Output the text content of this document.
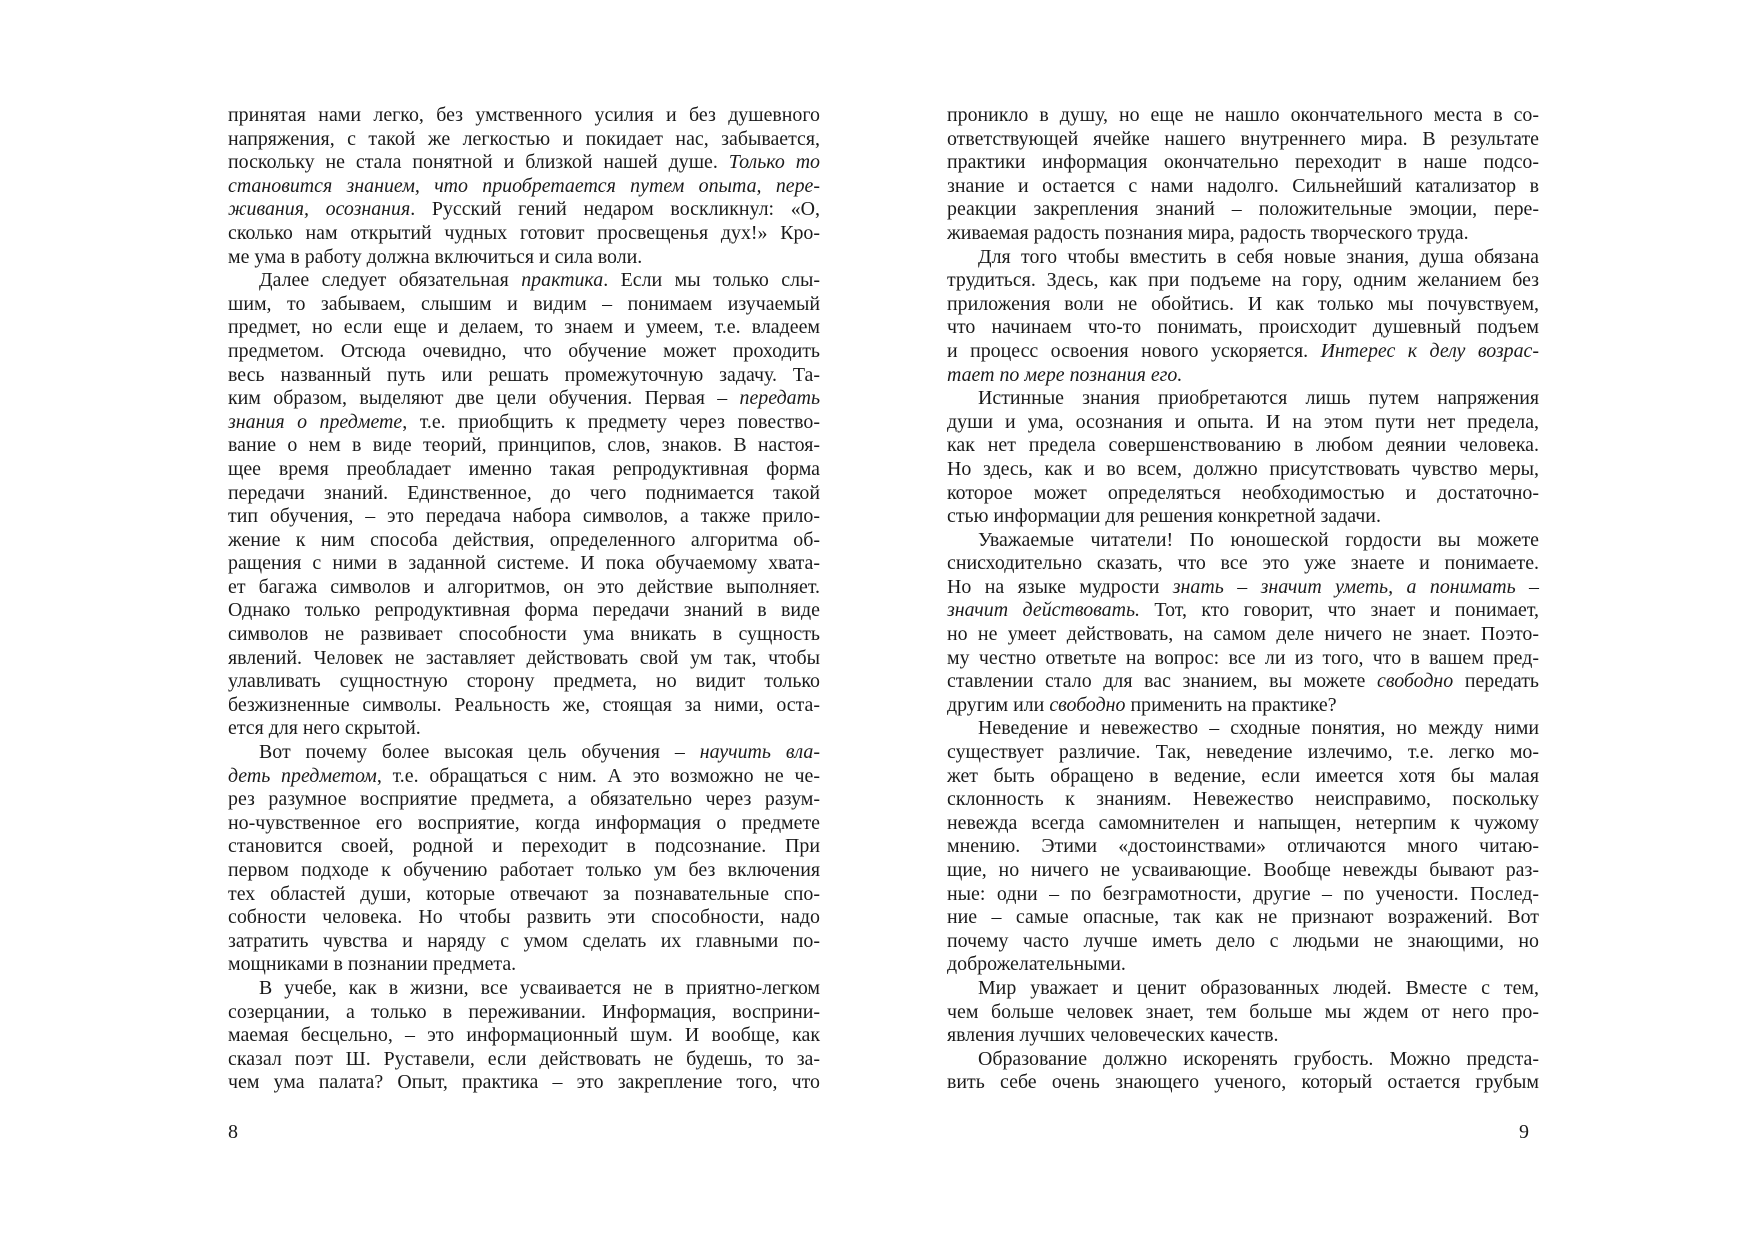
принятая нами легко, без умственного усилия и без душевного
напряжения, с такой же легкостью и покидает нас, забывается,
поскольку не стала понятной и близкой нашей душе. Только то
становится знанием, что приобретается путем опыта, пере-
живания, осознания. Русский гений недаром воскликнул: «О,
сколько нам открытий чудных готовит просвещенья дух!» Кро-
ме ума в работу должна включиться и сила воли.
Далее следует обязательная практика. Если мы только слы-
шим, то забываем, слышим и видим – понимаем изучаемый
предмет, но если еще и делаем, то знаем и умеем, т.е. владеем
предметом. Отсюда очевидно, что обучение может проходить
весь названный путь или решать промежуточную задачу. Та-
ким образом, выделяют две цели обучения. Первая – передать
знания о предмете, т.е. приобщить к предмету через повество-
вание о нем в виде теорий, принципов, слов, знаков. В настоя-
щее время преобладает именно такая репродуктивная форма
передачи знаний. Единственное, до чего поднимается такой
тип обучения, – это передача набора символов, а также прило-
жение к ним способа действия, определенного алгоритма об-
ращения с ними в заданной системе. И пока обучаемому хвата-
ет багажа символов и алгоритмов, он это действие выполняет.
Однако только репродуктивная форма передачи знаний в виде
символов не развивает способности ума вникать в сущность
явлений. Человек не заставляет действовать свой ум так, чтобы
улавливать сущностную сторону предмета, но видит только
безжизненные символы. Реальность же, стоящая за ними, оста-
ется для него скрытой.
Вот почему более высокая цель обучения – научить вла-
деть предметом, т.е. обращаться с ним. А это возможно не че-
рез разумное восприятие предмета, а обязательно через разум-
но-чувственное его восприятие, когда информация о предмете
становится своей, родной и переходит в подсознание. При
первом подходе к обучению работает только ум без включения
тех областей души, которые отвечают за познавательные спо-
собности человека. Но чтобы развить эти способности, надо
затратить чувства и наряду с умом сделать их главными по-
мощниками в познании предмета.
В учебе, как в жизни, все усваивается не в приятно-легком
созерцании, а только в переживании. Информация, восприни-
маемая бесцельно, – это информационный шум. И вообще, как
сказал поэт Ш. Руставели, если действовать не будешь, то за-
чем ума палата? Опыт, практика – это закрепление того, что
проникло в душу, но еще не нашло окончательного места в со-
ответствующей ячейке нашего внутреннего мира. В результате
практики информация окончательно переходит в наше подсо-
знание и остается с нами надолго. Сильнейший катализатор в
реакции закрепления знаний – положительные эмоции, пере-
живаемая радость познания мира, радость творческого труда.
Для того чтобы вместить в себя новые знания, душа обязана
трудиться. Здесь, как при подъеме на гору, одним желанием без
приложения воли не обойтись. И как только мы почувствуем,
что начинаем что-то понимать, происходит душевный подъем
и процесс освоения нового ускоряется. Интерес к делу возрас-
тает по мере познания его.
Истинные знания приобретаются лишь путем напряжения
души и ума, осознания и опыта. И на этом пути нет предела,
как нет предела совершенствованию в любом деянии человека.
Но здесь, как и во всем, должно присутствовать чувство меры,
которое может определяться необходимостью и достаточно-
стью информации для решения конкретной задачи.
Уважаемые читатели! По юношеской гордости вы можете
снисходительно сказать, что все это уже знаете и понимаете.
Но на языке мудрости знать – значит уметь, а понимать –
значит действовать. Тот, кто говорит, что знает и понимает,
но не умеет действовать, на самом деле ничего не знает. Поэто-
му честно ответьте на вопрос: все ли из того, что в вашем пред-
ставлении стало для вас знанием, вы можете свободно передать
другим или свободно применить на практике?
Неведение и невежество – сходные понятия, но между ними
существует различие. Так, неведение излечимо, т.е. легко мо-
жет быть обращено в ведение, если имеется хотя бы малая
склонность к знаниям. Невежество неисправимо, поскольку
невежда всегда самомнителен и напыщен, нетерпим к чужому
мнению. Этими «достоинствами» отличаются много читаю-
щие, но ничего не усваивающие. Вообще невежды бывают раз-
ные: одни – по безграмотности, другие – по учености. Послед-
ние – самые опасные, так как не признают возражений. Вот
почему часто лучше иметь дело с людьми не знающими, но
доброжелательными.
Мир уважает и ценит образованных людей. Вместе с тем,
чем больше человек знает, тем больше мы ждем от него про-
явления лучших человеческих качеств.
Образование должно искоренять грубость. Можно предста-
вить себе очень знающего ученого, который остается грубым
8	9
